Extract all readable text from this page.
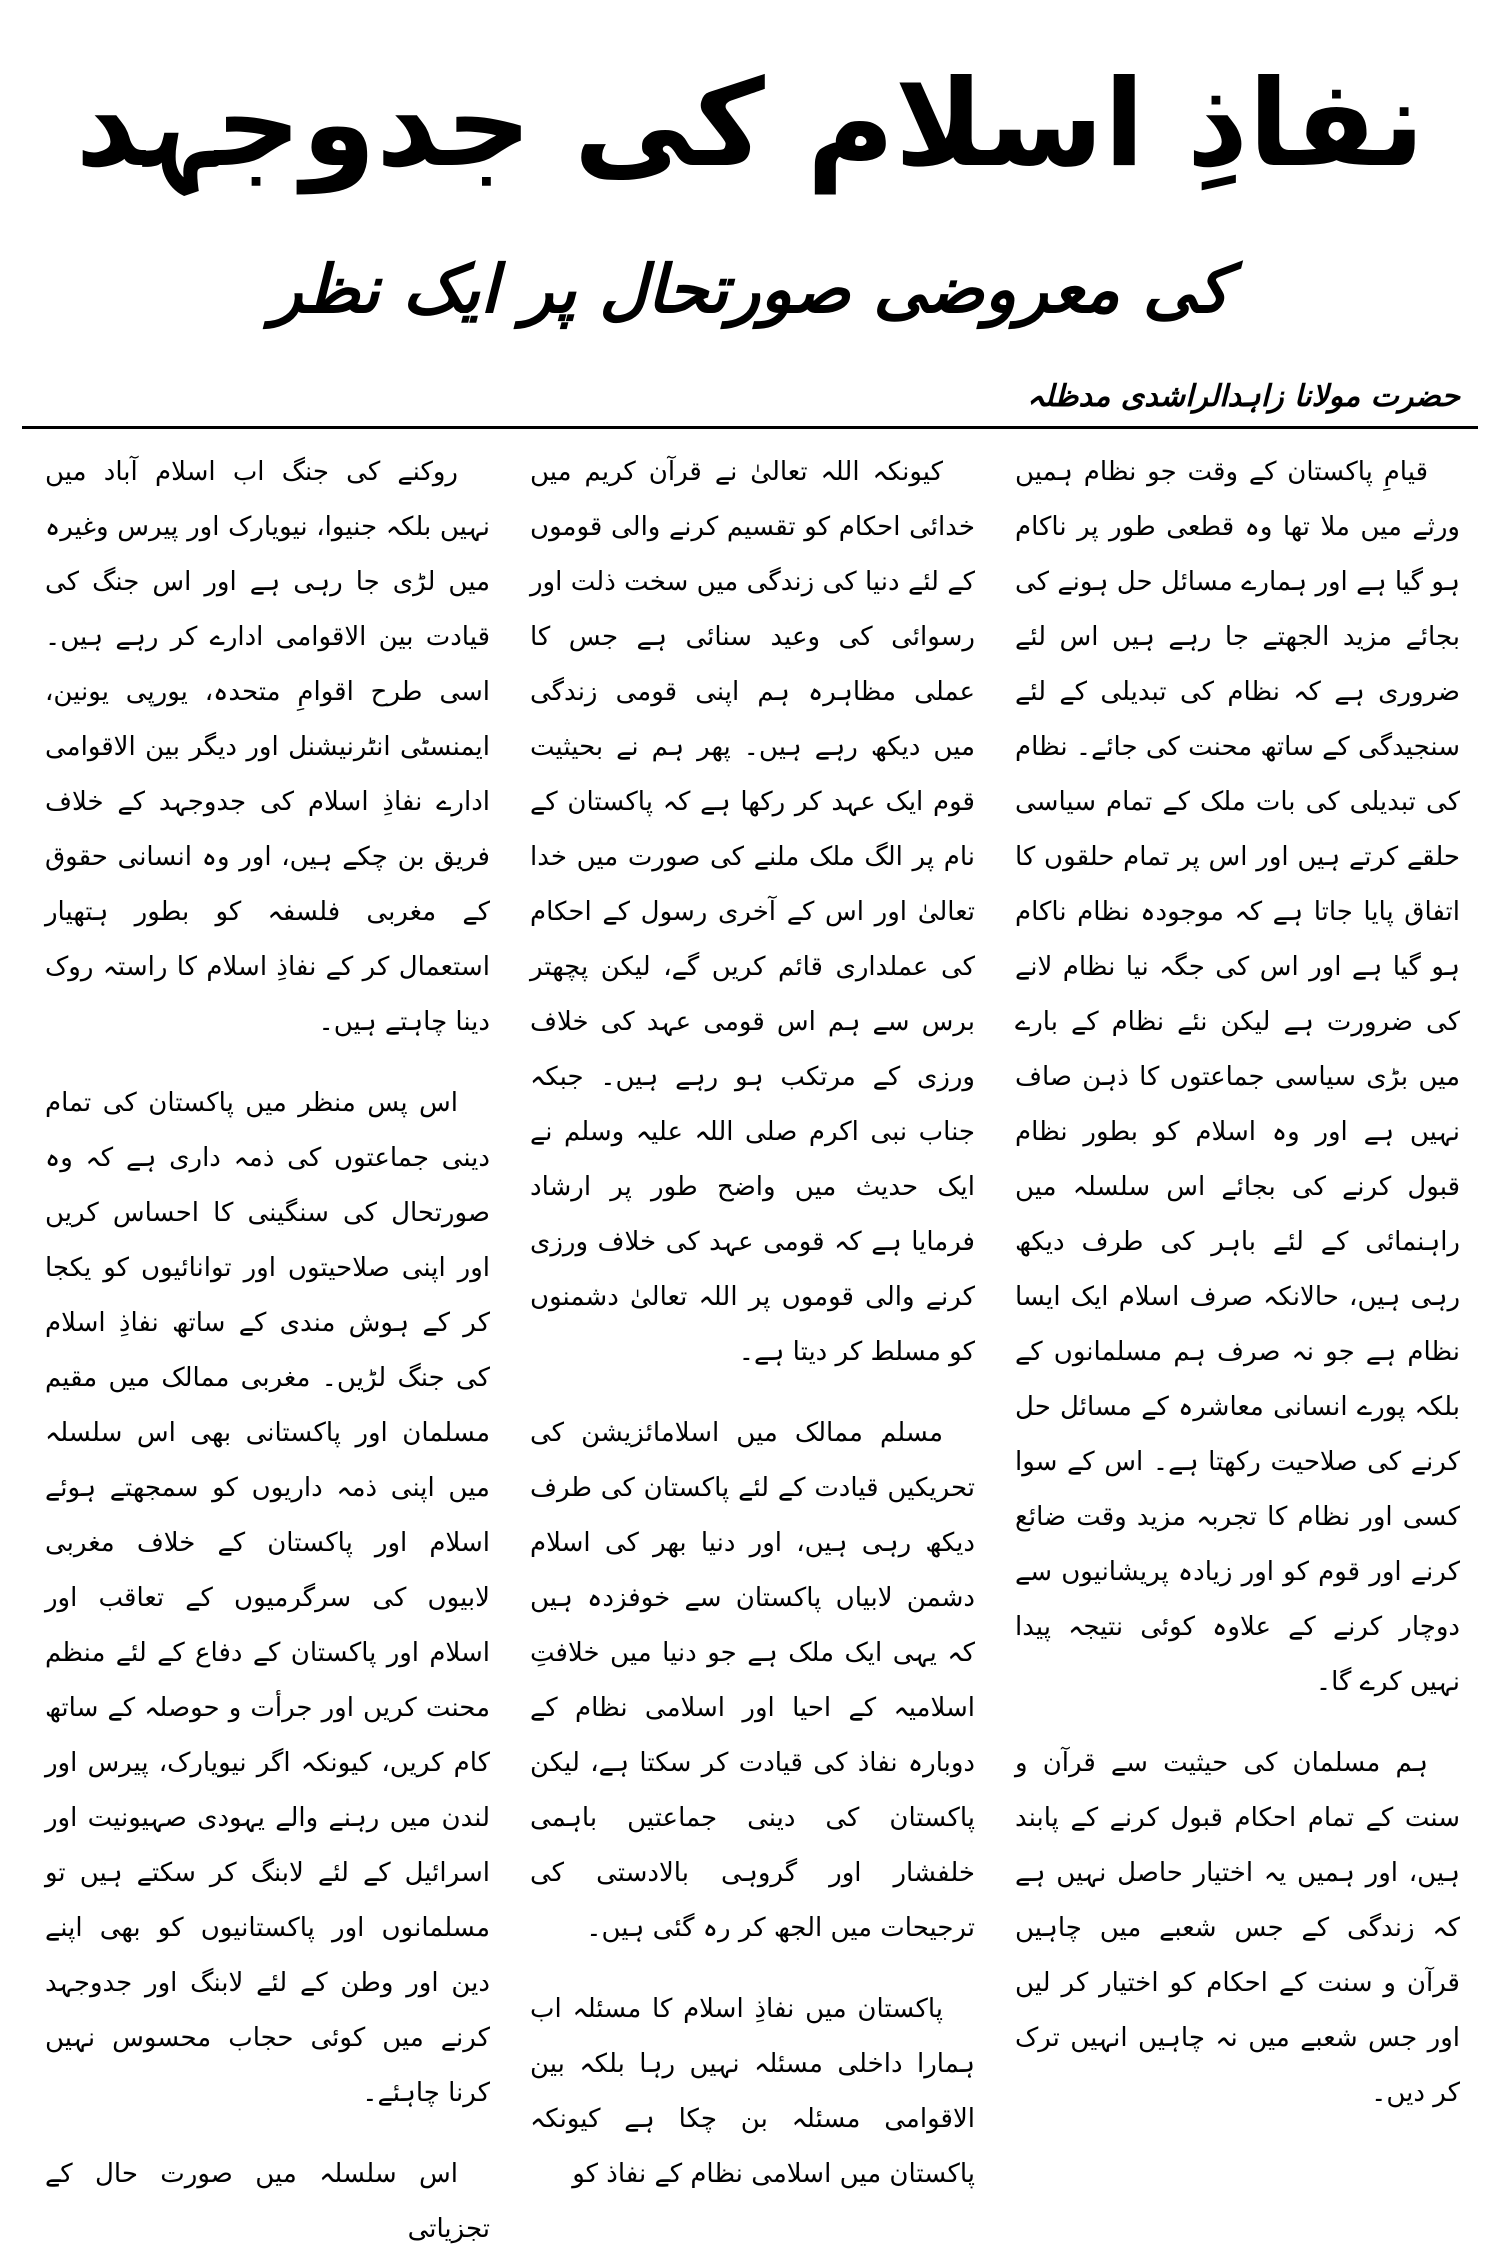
نفاذِ اسلام کی جدوجہد
کی معروضی صورتحال پر ایک نظر
حضرت مولانا زاہدالراشدی مدظلہ

قیامِ پاکستان کے وقت جو نظام ہمیں ورثے میں ملا تھا وہ قطعی طور پر ناکام ہو گیا ہے اور ہمارے مسائل حل ہونے کی بجائے مزید الجھتے جا رہے ہیں اس لئے ضروری ہے کہ نظام کی تبدیلی کے لئے سنجیدگی کے ساتھ محنت کی جائے۔ نظام کی تبدیلی کی بات ملک کے تمام سیاسی حلقے کرتے ہیں اور اس پر تمام حلقوں کا اتفاق پایا جاتا ہے کہ موجودہ نظام ناکام ہو گیا ہے اور اس کی جگہ نیا نظام لانے کی ضرورت ہے لیکن نئے نظام کے بارے میں بڑی سیاسی جماعتوں کا ذہن صاف نہیں ہے اور وہ اسلام کو بطور نظام قبول کرنے کی بجائے اس سلسلہ میں راہنمائی کے لئے باہر کی طرف دیکھ رہی ہیں، حالانکہ صرف اسلام ایک ایسا نظام ہے جو نہ صرف ہم مسلمانوں کے بلکہ پورے انسانی معاشرہ کے مسائل حل کرنے کی صلاحیت رکھتا ہے۔ اس کے سوا کسی اور نظام کا تجربہ مزید وقت ضائع کرنے اور قوم کو اور زیادہ پریشانیوں سے دوچار کرنے کے علاوہ کوئی نتیجہ پیدا نہیں کرے گا۔

ہم مسلمان کی حیثیت سے قرآن و سنت کے تمام احکام قبول کرنے کے پابند ہیں، اور ہمیں یہ اختیار حاصل نہیں ہے کہ زندگی کے جس شعبے میں چاہیں قرآن و سنت کے احکام کو اختیار کر لیں اور جس شعبے میں نہ چاہیں انہیں ترک کر دیں۔

کیونکہ اللہ تعالیٰ نے قرآن کریم میں خدائی احکام کو تقسیم کرنے والی قوموں کے لئے دنیا کی زندگی میں سخت ذلت اور رسوائی کی وعید سنائی ہے جس کا عملی مظاہرہ ہم اپنی قومی زندگی میں دیکھ رہے ہیں۔ پھر ہم نے بحیثیت قوم ایک عہد کر رکھا ہے کہ پاکستان کے نام پر الگ ملک ملنے کی صورت میں خدا تعالیٰ اور اس کے آخری رسول کے احکام کی عملداری قائم کریں گے، لیکن پچھتر برس سے ہم اس قومی عہد کی خلاف ورزی کے مرتکب ہو رہے ہیں۔ جبکہ جناب نبی اکرم صلی اللہ علیہ وسلم نے ایک حدیث میں واضح طور پر ارشاد فرمایا ہے کہ قومی عہد کی خلاف ورزی کرنے والی قوموں پر اللہ تعالیٰ دشمنوں کو مسلط کر دیتا ہے۔

مسلم ممالک میں اسلامائزیشن کی تحریکیں قیادت کے لئے پاکستان کی طرف دیکھ رہی ہیں، اور دنیا بھر کی اسلام دشمن لابیاں پاکستان سے خوفزدہ ہیں کہ یہی ایک ملک ہے جو دنیا میں خلافتِ اسلامیہ کے احیا اور اسلامی نظام کے دوبارہ نفاذ کی قیادت کر سکتا ہے، لیکن پاکستان کی دینی جماعتیں باہمی خلفشار اور گروہی بالادستی کی ترجیحات میں الجھ کر رہ گئی ہیں۔

پاکستان میں نفاذِ اسلام کا مسئلہ اب ہمارا داخلی مسئلہ نہیں رہا بلکہ بین الاقوامی مسئلہ بن چکا ہے کیونکہ پاکستان میں اسلامی نظام کے نفاذ کو

روکنے کی جنگ اب اسلام آباد میں نہیں بلکہ جنیوا، نیویارک اور پیرس وغیرہ میں لڑی جا رہی ہے اور اس جنگ کی قیادت بین الاقوامی ادارے کر رہے ہیں۔ اسی طرح اقوامِ متحدہ، یورپی یونین، ایمنسٹی انٹرنیشنل اور دیگر بین الاقوامی ادارے نفاذِ اسلام کی جدوجہد کے خلاف فریق بن چکے ہیں، اور وہ انسانی حقوق کے مغربی فلسفہ کو بطور ہتھیار استعمال کر کے نفاذِ اسلام کا راستہ روک دینا چاہتے ہیں۔

اس پس منظر میں پاکستان کی تمام دینی جماعتوں کی ذمہ داری ہے کہ وہ صورتحال کی سنگینی کا احساس کریں اور اپنی صلاحیتوں اور توانائیوں کو یکجا کر کے ہوش مندی کے ساتھ نفاذِ اسلام کی جنگ لڑیں۔ مغربی ممالک میں مقیم مسلمان اور پاکستانی بھی اس سلسلہ میں اپنی ذمہ داریوں کو سمجھتے ہوئے اسلام اور پاکستان کے خلاف مغربی لابیوں کی سرگرمیوں کے تعاقب اور اسلام اور پاکستان کے دفاع کے لئے منظم محنت کریں اور جرأت و حوصلہ کے ساتھ کام کریں، کیونکہ اگر نیویارک، پیرس اور لندن میں رہنے والے یہودی صہیونیت اور اسرائیل کے لئے لابنگ کر سکتے ہیں تو مسلمانوں اور پاکستانیوں کو بھی اپنے دین اور وطن کے لئے لابنگ اور جدوجہد کرنے میں کوئی حجاب محسوس نہیں کرنا چاہئے۔

اس سلسلہ میں صورت حال کے تجزیاتی
